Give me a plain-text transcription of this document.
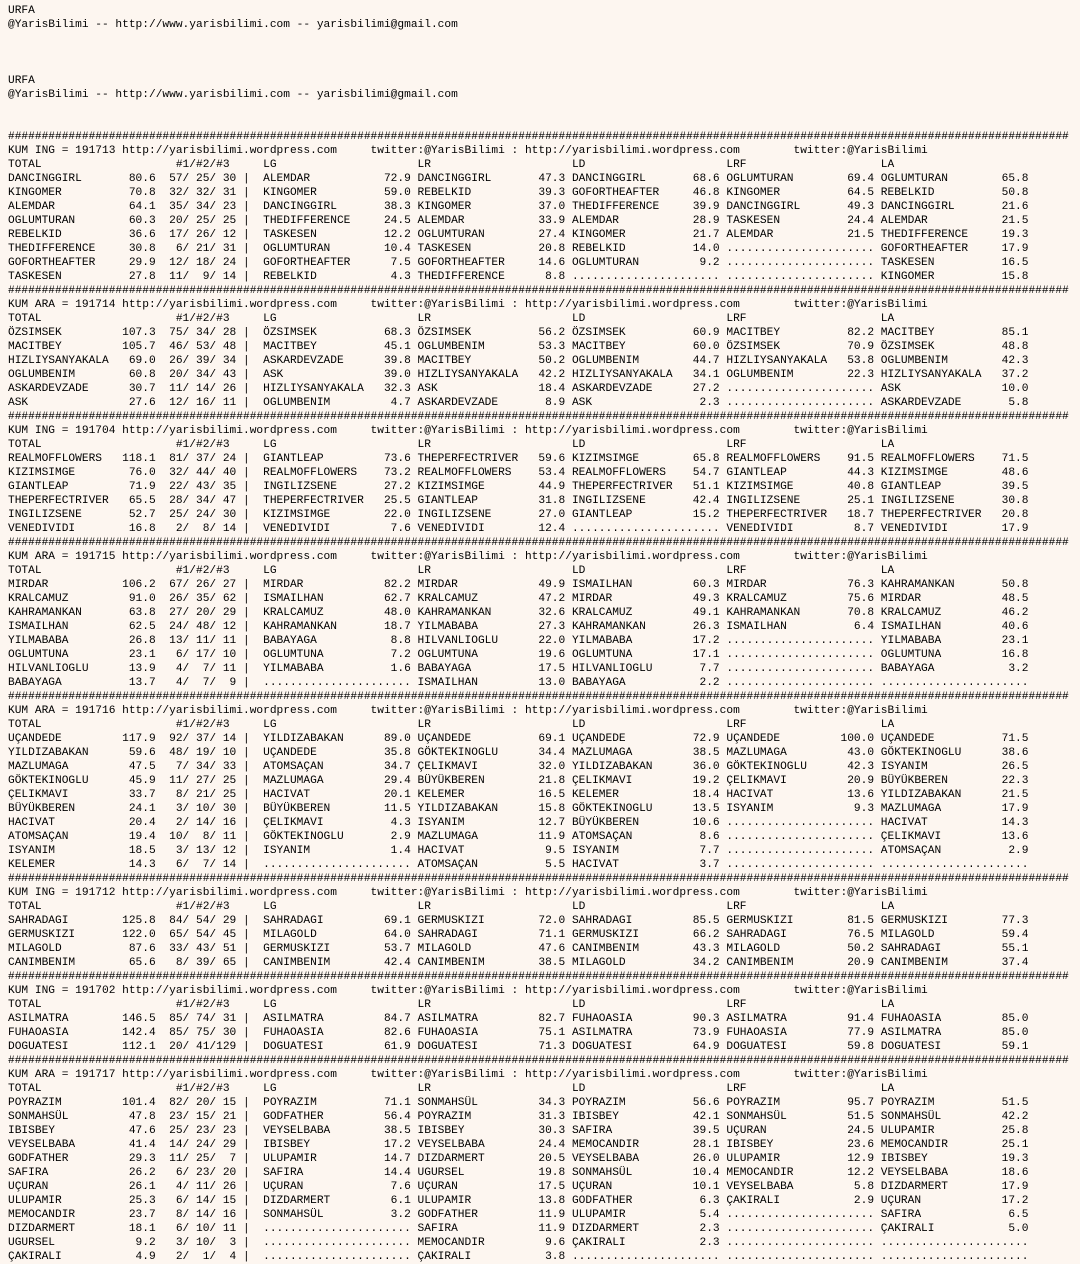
URFA
@YarisBilimi -- http://www.yarisbilimi.com -- yarisbilimi@gmail.com
URFA
@YarisBilimi -- http://www.yarisbilimi.com -- yarisbilimi@gmail.com
##############################################################################################################################################################
KUM ING = 191713 http://yarisbilimi.wordpress.com     twitter:@YarisBilimi : http://yarisbilimi.wordpress.com        twitter:@YarisBilimi
TOTAL                    #1/#2/#3     LG                     LR                     LD                     LRF                    LA
DANCINGGIRL       80.6  57/ 25/ 30 |  ALEMDAR           72.9 DANCINGGIRL       47.3 DANCINGGIRL       68.6 OGLUMTURAN        69.4 OGLUMTURAN        65.8
KINGOMER          70.8  32/ 32/ 31 |  KINGOMER          59.0 REBELKID          39.3 GOFORTHEAFTER     46.8 KINGOMER          64.5 REBELKID          50.8
ALEMDAR           64.1  35/ 34/ 23 |  DANCINGGIRL       38.3 KINGOMER          37.0 THEDIFFERENCE     39.9 DANCINGGIRL       49.3 DANCINGGIRL       21.6
OGLUMTURAN        60.3  20/ 25/ 25 |  THEDIFFERENCE     24.5 ALEMDAR           33.9 ALEMDAR           28.9 TASKESEN          24.4 ALEMDAR           21.5
REBELKID          36.6  17/ 26/ 12 |  TASKESEN          12.2 OGLUMTURAN        27.4 KINGOMER          21.7 ALEMDAR           21.5 THEDIFFERENCE     19.3
THEDIFFERENCE     30.8   6/ 21/ 31 |  OGLUMTURAN        10.4 TASKESEN          20.8 REBELKID          14.0 ...................... GOFORTHEAFTER     17.9
GOFORTHEAFTER     29.9  12/ 18/ 24 |  GOFORTHEAFTER      7.5 GOFORTHEAFTER     14.6 OGLUMTURAN         9.2 ...................... TASKESEN          16.5
TASKESEN          27.8  11/  9/ 14 |  REBELKID           4.3 THEDIFFERENCE      8.8 ...................... ...................... KINGOMER          15.8
##############################################################################################################################################################
KUM ARA = 191714 http://yarisbilimi.wordpress.com     twitter:@YarisBilimi : http://yarisbilimi.wordpress.com        twitter:@YarisBilimi
TOTAL                    #1/#2/#3     LG                     LR                     LD                     LRF                    LA
ÖZSIMSEK         107.3  75/ 34/ 28 |  ÖZSIMSEK          68.3 ÖZSIMSEK          56.2 ÖZSIMSEK          60.9 MACITBEY          82.2 MACITBEY          85.1
MACITBEY         105.7  46/ 53/ 48 |  MACITBEY          45.1 OGLUMBENIM        53.3 MACITBEY          60.0 ÖZSIMSEK          70.9 ÖZSIMSEK          48.8
HIZLIYSANYAKALA   69.0  26/ 39/ 34 |  ASKARDEVZADE      39.8 MACITBEY          50.2 OGLUMBENIM        44.7 HIZLIYSANYAKALA   53.8 OGLUMBENIM        42.3
OGLUMBENIM        60.8  20/ 34/ 43 |  ASK               39.0 HIZLIYSANYAKALA   42.2 HIZLIYSANYAKALA   34.1 OGLUMBENIM        22.3 HIZLIYSANYAKALA   37.2
ASKARDEVZADE      30.7  11/ 14/ 26 |  HIZLIYSANYAKALA   32.3 ASK               18.4 ASKARDEVZADE      27.2 ...................... ASK               10.0
ASK               27.6  12/ 16/ 11 |  OGLUMBENIM         4.7 ASKARDEVZADE       8.9 ASK                2.3 ...................... ASKARDEVZADE       5.8
##############################################################################################################################################################
KUM ING = 191704 http://yarisbilimi.wordpress.com     twitter:@YarisBilimi : http://yarisbilimi.wordpress.com        twitter:@YarisBilimi
TOTAL                    #1/#2/#3     LG                     LR                     LD                     LRF                    LA
REALMOFFLOWERS   118.1  81/ 37/ 24 |  GIANTLEAP         73.6 THEPERFECTRIVER   59.6 KIZIMSIMGE        65.8 REALMOFFLOWERS    91.5 REALMOFFLOWERS    71.5
KIZIMSIMGE        76.0  32/ 44/ 40 |  REALMOFFLOWERS    73.2 REALMOFFLOWERS    53.4 REALMOFFLOWERS    54.7 GIANTLEAP         44.3 KIZIMSIMGE        48.6
GIANTLEAP         71.9  22/ 43/ 35 |  INGILIZSENE       27.2 KIZIMSIMGE        44.9 THEPERFECTRIVER   51.1 KIZIMSIMGE        40.8 GIANTLEAP         39.5
THEPERFECTRIVER   65.5  28/ 34/ 47 |  THEPERFECTRIVER   25.5 GIANTLEAP         31.8 INGILIZSENE       42.4 INGILIZSENE       25.1 INGILIZSENE       30.8
INGILIZSENE       52.7  25/ 24/ 30 |  KIZIMSIMGE        22.0 INGILIZSENE       27.0 GIANTLEAP         15.2 THEPERFECTRIVER   18.7 THEPERFECTRIVER   20.8
VENEDIVIDI        16.8   2/  8/ 14 |  VENEDIVIDI         7.6 VENEDIVIDI        12.4 ...................... VENEDIVIDI         8.7 VENEDIVIDI        17.9
##############################################################################################################################################################
KUM ARA = 191715 http://yarisbilimi.wordpress.com     twitter:@YarisBilimi : http://yarisbilimi.wordpress.com        twitter:@YarisBilimi
TOTAL                    #1/#2/#3     LG                     LR                     LD                     LRF                    LA
MIRDAR           106.2  67/ 26/ 27 |  MIRDAR            82.2 MIRDAR            49.9 ISMAILHAN         60.3 MIRDAR            76.3 KAHRAMANKAN       50.8
KRALCAMUZ         91.0  26/ 35/ 62 |  ISMAILHAN         62.7 KRALCAMUZ         47.2 MIRDAR            49.3 KRALCAMUZ         75.6 MIRDAR            48.5
KAHRAMANKAN       63.8  27/ 20/ 29 |  KRALCAMUZ         48.0 KAHRAMANKAN       32.6 KRALCAMUZ         49.1 KAHRAMANKAN       70.8 KRALCAMUZ         46.2
ISMAILHAN         62.5  24/ 48/ 12 |  KAHRAMANKAN       18.7 YILMABABA         27.3 KAHRAMANKAN       26.3 ISMAILHAN          6.4 ISMAILHAN         40.6
YILMABABA         26.8  13/ 11/ 11 |  BABAYAGA           8.8 HILVANLIOGLU      22.0 YILMABABA         17.2 ...................... YILMABABA         23.1
OGLUMTUNA         23.1   6/ 17/ 10 |  OGLUMTUNA          7.2 OGLUMTUNA         19.6 OGLUMTUNA         17.1 ...................... OGLUMTUNA         16.8
HILVANLIOGLU      13.9   4/  7/ 11 |  YILMABABA          1.6 BABAYAGA          17.5 HILVANLIOGLU       7.7 ...................... BABAYAGA           3.2
BABAYAGA          13.7   4/  7/  9 |  ...................... ISMAILHAN         13.0 BABAYAGA           2.2 ...................... ......................
##############################################################################################################################################################
KUM ARA = 191716 http://yarisbilimi.wordpress.com     twitter:@YarisBilimi : http://yarisbilimi.wordpress.com        twitter:@YarisBilimi
TOTAL                    #1/#2/#3     LG                     LR                     LD                     LRF                    LA
UÇANDEDE         117.9  92/ 37/ 14 |  YILDIZABAKAN      89.0 UÇANDEDE          69.1 UÇANDEDE          72.9 UÇANDEDE         100.0 UÇANDEDE          71.5
YILDIZABAKAN      59.6  48/ 19/ 10 |  UÇANDEDE          35.8 GÖKTEKINOGLU      34.4 MAZLUMAGA         38.5 MAZLUMAGA         43.0 GÖKTEKINOGLU      38.6
MAZLUMAGA         47.5   7/ 34/ 33 |  ATOMSAÇAN         34.7 ÇELIKMAVI         32.0 YILDIZABAKAN      36.0 GÖKTEKINOGLU      42.3 ISYANIM           26.5
GÖKTEKINOGLU      45.9  11/ 27/ 25 |  MAZLUMAGA         29.4 BÜYÜKBEREN        21.8 ÇELIKMAVI         19.2 ÇELIKMAVI         20.9 BÜYÜKBEREN        22.3
ÇELIKMAVI         33.7   8/ 21/ 25 |  HACIVAT           20.1 KELEMER           16.5 KELEMER           18.4 HACIVAT           13.6 YILDIZABAKAN      21.5
BÜYÜKBEREN        24.1   3/ 10/ 30 |  BÜYÜKBEREN        11.5 YILDIZABAKAN      15.8 GÖKTEKINOGLU      13.5 ISYANIM            9.3 MAZLUMAGA         17.9
HACIVAT           20.4   2/ 14/ 16 |  ÇELIKMAVI          4.3 ISYANIM           12.7 BÜYÜKBEREN        10.6 ...................... HACIVAT           14.3
ATOMSAÇAN         19.4  10/  8/ 11 |  GÖKTEKINOGLU       2.9 MAZLUMAGA         11.9 ATOMSAÇAN          8.6 ...................... ÇELIKMAVI         13.6
ISYANIM           18.5   3/ 13/ 12 |  ISYANIM            1.4 HACIVAT            9.5 ISYANIM            7.7 ...................... ATOMSAÇAN          2.9
KELEMER           14.3   6/  7/ 14 |  ...................... ATOMSAÇAN          5.5 HACIVAT            3.7 ...................... ......................
##############################################################################################################################################################
KUM ING = 191712 http://yarisbilimi.wordpress.com     twitter:@YarisBilimi : http://yarisbilimi.wordpress.com        twitter:@YarisBilimi
TOTAL                    #1/#2/#3     LG                     LR                     LD                     LRF                    LA
SAHRADAGI        125.8  84/ 54/ 29 |  SAHRADAGI         69.1 GERMUSKIZI        72.0 SAHRADAGI         85.5 GERMUSKIZI        81.5 GERMUSKIZI        77.3
GERMUSKIZI       122.0  65/ 54/ 45 |  MILAGOLD          64.0 SAHRADAGI         71.1 GERMUSKIZI        66.2 SAHRADAGI         76.5 MILAGOLD          59.4
MILAGOLD          87.6  33/ 43/ 51 |  GERMUSKIZI        53.7 MILAGOLD          47.6 CANIMBENIM        43.3 MILAGOLD          50.2 SAHRADAGI         55.1
CANIMBENIM        65.6   8/ 39/ 65 |  CANIMBENIM        42.4 CANIMBENIM        38.5 MILAGOLD          34.2 CANIMBENIM        20.9 CANIMBENIM        37.4
##############################################################################################################################################################
KUM ING = 191702 http://yarisbilimi.wordpress.com     twitter:@YarisBilimi : http://yarisbilimi.wordpress.com        twitter:@YarisBilimi
TOTAL                    #1/#2/#3     LG                     LR                     LD                     LRF                    LA
ASILMATRA        146.5  85/ 74/ 31 |  ASILMATRA         84.7 ASILMATRA         82.7 FUHAOASIA         90.3 ASILMATRA         91.4 FUHAOASIA         85.0
FUHAOASIA        142.4  85/ 75/ 30 |  FUHAOASIA         82.6 FUHAOASIA         75.1 ASILMATRA         73.9 FUHAOASIA         77.9 ASILMATRA         85.0
DOGUATESI        112.1  20/ 41/129 |  DOGUATESI         61.9 DOGUATESI         71.3 DOGUATESI         64.9 DOGUATESI         59.8 DOGUATESI         59.1
##############################################################################################################################################################
KUM ARA = 191717 http://yarisbilimi.wordpress.com     twitter:@YarisBilimi : http://yarisbilimi.wordpress.com        twitter:@YarisBilimi
TOTAL                    #1/#2/#3     LG                     LR                     LD                     LRF                    LA
POYRAZIM         101.4  82/ 20/ 15 |  POYRAZIM          71.1 SONMAHSÜL         34.3 POYRAZIM          56.6 POYRAZIM          95.7 POYRAZIM          51.5
SONMAHSÜL         47.8  23/ 15/ 21 |  GODFATHER         56.4 POYRAZIM          31.3 IBISBEY           42.1 SONMAHSÜL         51.5 SONMAHSÜL         42.2
IBISBEY           47.6  25/ 23/ 23 |  VEYSELBABA        38.5 IBISBEY           30.3 SAFIRA            39.5 UÇURAN            24.5 ULUPAMIR          25.8
VEYSELBABA        41.4  14/ 24/ 29 |  IBISBEY           17.2 VEYSELBABA        24.4 MEMOCANDIR        28.1 IBISBEY           23.6 MEMOCANDIR        25.1
GODFATHER         29.3  11/ 25/  7 |  ULUPAMIR          14.7 DIZDARMERT        20.5 VEYSELBABA        26.0 ULUPAMIR          12.9 IBISBEY           19.3
SAFIRA            26.2   6/ 23/ 20 |  SAFIRA            14.4 UGURSEL           19.8 SONMAHSÜL         10.4 MEMOCANDIR        12.2 VEYSELBABA        18.6
UÇURAN            26.1   4/ 11/ 26 |  UÇURAN             7.6 UÇURAN            17.5 UÇURAN            10.1 VEYSELBABA         5.8 DIZDARMERT        17.9
ULUPAMIR          25.3   6/ 14/ 15 |  DIZDARMERT         6.1 ULUPAMIR          13.8 GODFATHER          6.3 ÇAKIRALI           2.9 UÇURAN            17.2
MEMOCANDIR        23.7   8/ 14/ 16 |  SONMAHSÜL          3.2 GODFATHER         11.9 ULUPAMIR           5.4 ...................... SAFIRA             6.5
DIZDARMERT        18.1   6/ 10/ 11 |  ...................... SAFIRA            11.9 DIZDARMERT         2.3 ...................... ÇAKIRALI           5.0
UGURSEL            9.2   3/ 10/  3 |  ...................... MEMOCANDIR         9.6 ÇAKIRALI           2.3 ...................... ......................
ÇAKIRALI           4.9   2/  1/  4 |  ...................... ÇAKIRALI           3.8 ...................... ...................... ......................
